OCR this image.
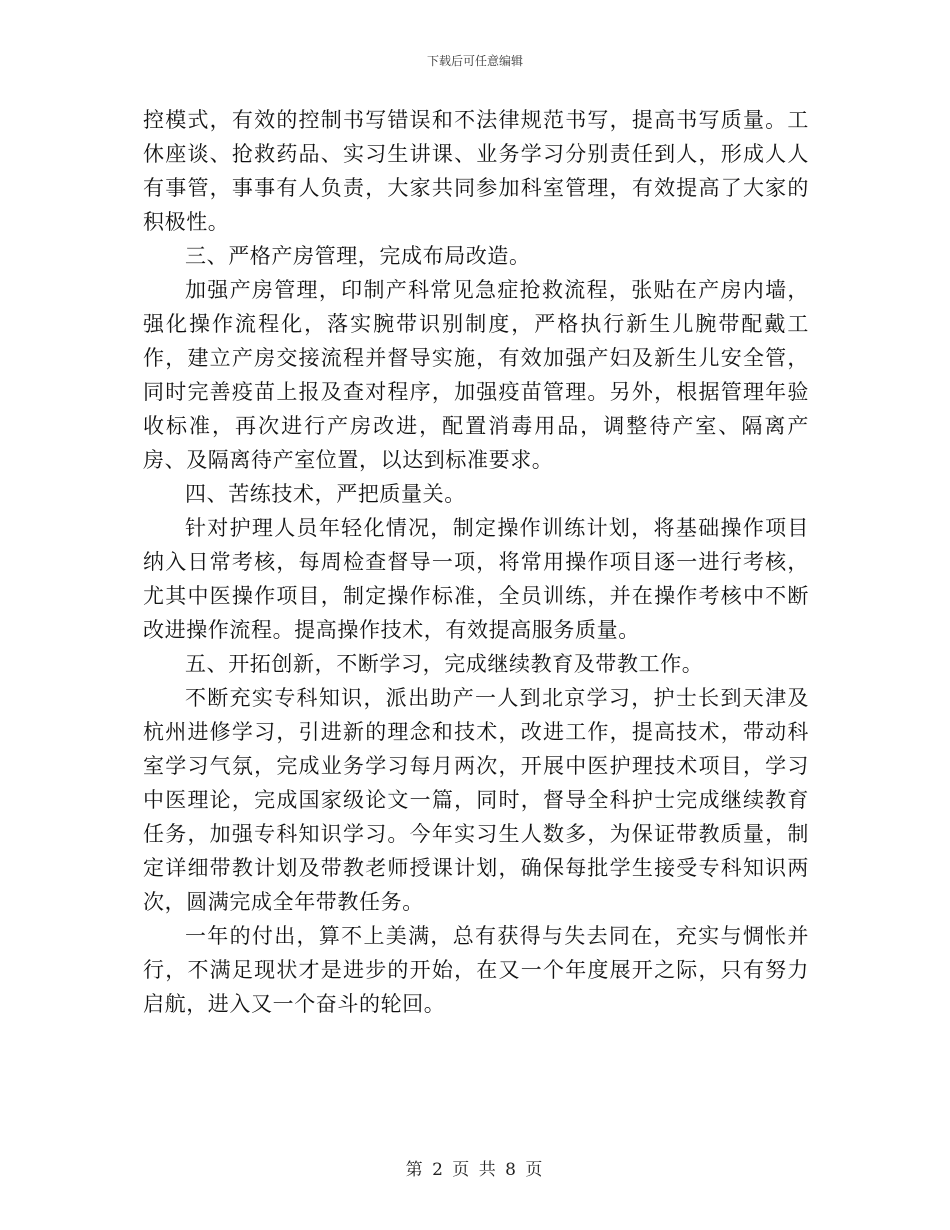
下载后可任意编辑

控模式，有效的控制书写错误和不法律规范书写，提高书写质量。工休座谈、抢救药品、实习生讲课、业务学习分别责任到人，形成人人有事管，事事有人负责，大家共同参加科室管理，有效提高了大家的积极性。

三、严格产房管理，完成布局改造。

加强产房管理，印制产科常见急症抢救流程，张贴在产房内墙，强化操作流程化，落实腕带识别制度，严格执行新生儿腕带配戴工作，建立产房交接流程并督导实施，有效加强产妇及新生儿安全管，同时完善疫苗上报及查对程序，加强疫苗管理。另外，根据管理年验收标准，再次进行产房改进，配置消毒用品，调整待产室、隔离产房、及隔离待产室位置，以达到标准要求。

四、苦练技术，严把质量关。

针对护理人员年轻化情况，制定操作训练计划，将基础操作项目纳入日常考核，每周检查督导一项，将常用操作项目逐一进行考核，尤其中医操作项目，制定操作标准，全员训练，并在操作考核中不断改进操作流程。提高操作技术，有效提高服务质量。

五、开拓创新，不断学习，完成继续教育及带教工作。

不断充实专科知识，派出助产一人到北京学习，护士长到天津及杭州进修学习，引进新的理念和技术，改进工作，提高技术，带动科室学习气氛，完成业务学习每月两次，开展中医护理技术项目，学习中医理论，完成国家级论文一篇，同时，督导全科护士完成继续教育任务，加强专科知识学习。今年实习生人数多，为保证带教质量，制定详细带教计划及带教老师授课计划，确保每批学生接受专科知识两次，圆满完成全年带教任务。

一年的付出，算不上美满，总有获得与失去同在，充实与惆怅并行，不满足现状才是进步的开始，在又一个年度展开之际，只有努力启航，进入又一个奋斗的轮回。

第 2 页 共 8 页
